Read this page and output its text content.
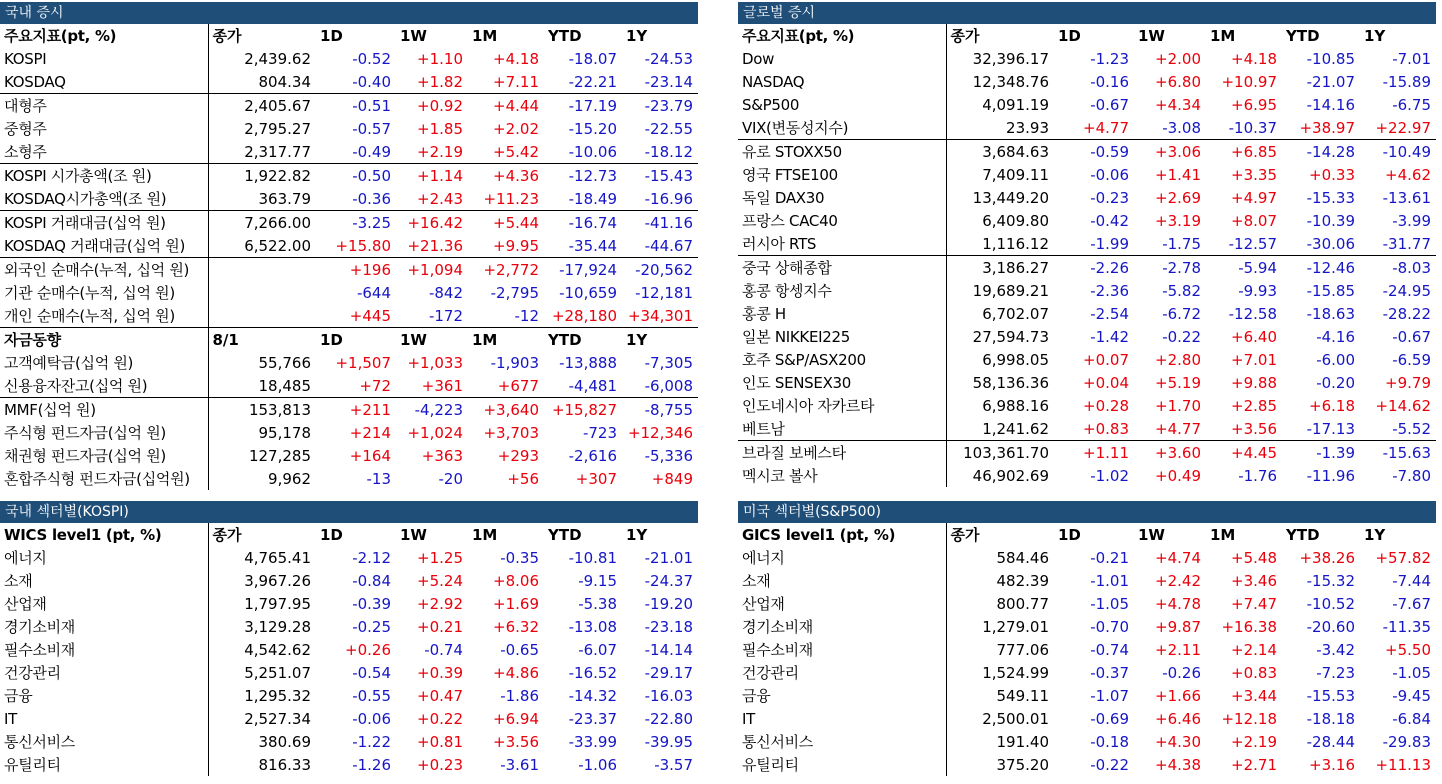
국내 증시
주요지표(pt, %)	종가	1D	1W	1M	YTD	1Y
KOSPI	2,439.62	-0.52	+1.10	+4.18	-18.07	-24.53
KOSDAQ	804.34	-0.40	+1.82	+7.11	-22.21	-23.14
대형주	2,405.67	-0.51	+0.92	+4.44	-17.19	-23.79
중형주	2,795.27	-0.57	+1.85	+2.02	-15.20	-22.55
소형주	2,317.77	-0.49	+2.19	+5.42	-10.06	-18.12
KOSPI 시가총액(조 원)	1,922.82	-0.50	+1.14	+4.36	-12.73	-15.43
KOSDAQ시가총액(조 원)	363.79	-0.36	+2.43	+11.23	-18.49	-16.96
KOSPI 거래대금(십억 원)	7,266.00	-3.25	+16.42	+5.44	-16.74	-41.16
KOSDAQ 거래대금(십억 원)	6,522.00	+15.80	+21.36	+9.95	-35.44	-44.67
외국인 순매수(누적, 십억 원)		+196	+1,094	+2,772	-17,924	-20,562
기관 순매수(누적, 십억 원)		-644	-842	-2,795	-10,659	-12,181
개인 순매수(누적, 십억 원)		+445	-172	-12	+28,180	+34,301
자금동향	8/1	1D	1W	1M	YTD	1Y
고객예탁금(십억 원)	55,766	+1,507	+1,033	-1,903	-13,888	-7,305
신용융자잔고(십억 원)	18,485	+72	+361	+677	-4,481	-6,008
MMF(십억 원)	153,813	+211	-4,223	+3,640	+15,827	-8,755
주식형 펀드자금(십억 원)	95,178	+214	+1,024	+3,703	-723	+12,346
채권형 펀드자금(십억 원)	127,285	+164	+363	+293	-2,616	-5,336
혼합주식형 펀드자금(십억원)	9,962	-13	-20	+56	+307	+849
글로벌 증시
주요지표(pt, %)	종가	1D	1W	1M	YTD	1Y
Dow	32,396.17	-1.23	+2.00	+4.18	-10.85	-7.01
NASDAQ	12,348.76	-0.16	+6.80	+10.97	-21.07	-15.89
S&P500	4,091.19	-0.67	+4.34	+6.95	-14.16	-6.75
VIX(변동성지수)	23.93	+4.77	-3.08	-10.37	+38.97	+22.97
유로 STOXX50	3,684.63	-0.59	+3.06	+6.85	-14.28	-10.49
영국 FTSE100	7,409.11	-0.06	+1.41	+3.35	+0.33	+4.62
독일 DAX30	13,449.20	-0.23	+2.69	+4.97	-15.33	-13.61
프랑스 CAC40	6,409.80	-0.42	+3.19	+8.07	-10.39	-3.99
러시아 RTS	1,116.12	-1.99	-1.75	-12.57	-30.06	-31.77
중국 상해종합	3,186.27	-2.26	-2.78	-5.94	-12.46	-8.03
홍콩 항셍지수	19,689.21	-2.36	-5.82	-9.93	-15.85	-24.95
홍콩 H	6,702.07	-2.54	-6.72	-12.58	-18.63	-28.22
일본 NIKKEI225	27,594.73	-1.42	-0.22	+6.40	-4.16	-0.67
호주 S&P/ASX200	6,998.05	+0.07	+2.80	+7.01	-6.00	-6.59
인도 SENSEX30	58,136.36	+0.04	+5.19	+9.88	-0.20	+9.79
인도네시아 자카르타	6,988.16	+0.28	+1.70	+2.85	+6.18	+14.62
베트남	1,241.62	+0.83	+4.77	+3.56	-17.13	-5.52
브라질 보베스타	103,361.70	+1.11	+3.60	+4.45	-1.39	-15.63
멕시코 볼사	46,902.69	-1.02	+0.49	-1.76	-11.96	-7.80
국내 섹터별(KOSPI)
WICS level1 (pt, %)	종가	1D	1W	1M	YTD	1Y
에너지	4,765.41	-2.12	+1.25	-0.35	-10.81	-21.01
소재	3,967.26	-0.84	+5.24	+8.06	-9.15	-24.37
산업재	1,797.95	-0.39	+2.92	+1.69	-5.38	-19.20
경기소비재	3,129.28	-0.25	+0.21	+6.32	-13.08	-23.18
필수소비재	4,542.62	+0.26	-0.74	-0.65	-6.07	-14.14
건강관리	5,251.07	-0.54	+0.39	+4.86	-16.52	-29.17
금융	1,295.32	-0.55	+0.47	-1.86	-14.32	-16.03
IT	2,527.34	-0.06	+0.22	+6.94	-23.37	-22.80
통신서비스	380.69	-1.22	+0.81	+3.56	-33.99	-39.95
유틸리티	816.33	-1.26	+0.23	-3.61	-1.06	-3.57
미국 섹터별(S&P500)
GICS level1 (pt, %)	종가	1D	1W	1M	YTD	1Y
에너지	584.46	-0.21	+4.74	+5.48	+38.26	+57.82
소재	482.39	-1.01	+2.42	+3.46	-15.32	-7.44
산업재	800.77	-1.05	+4.78	+7.47	-10.52	-7.67
경기소비재	1,279.01	-0.70	+9.87	+16.38	-20.60	-11.35
필수소비재	777.06	-0.74	+2.11	+2.14	-3.42	+5.50
건강관리	1,524.99	-0.37	-0.26	+0.83	-7.23	-1.05
금융	549.11	-1.07	+1.66	+3.44	-15.53	-9.45
IT	2,500.01	-0.69	+6.46	+12.18	-18.18	-6.84
통신서비스	191.40	-0.18	+4.30	+2.19	-28.44	-29.83
유틸리티	375.20	-0.22	+4.38	+2.71	+3.16	+11.13
